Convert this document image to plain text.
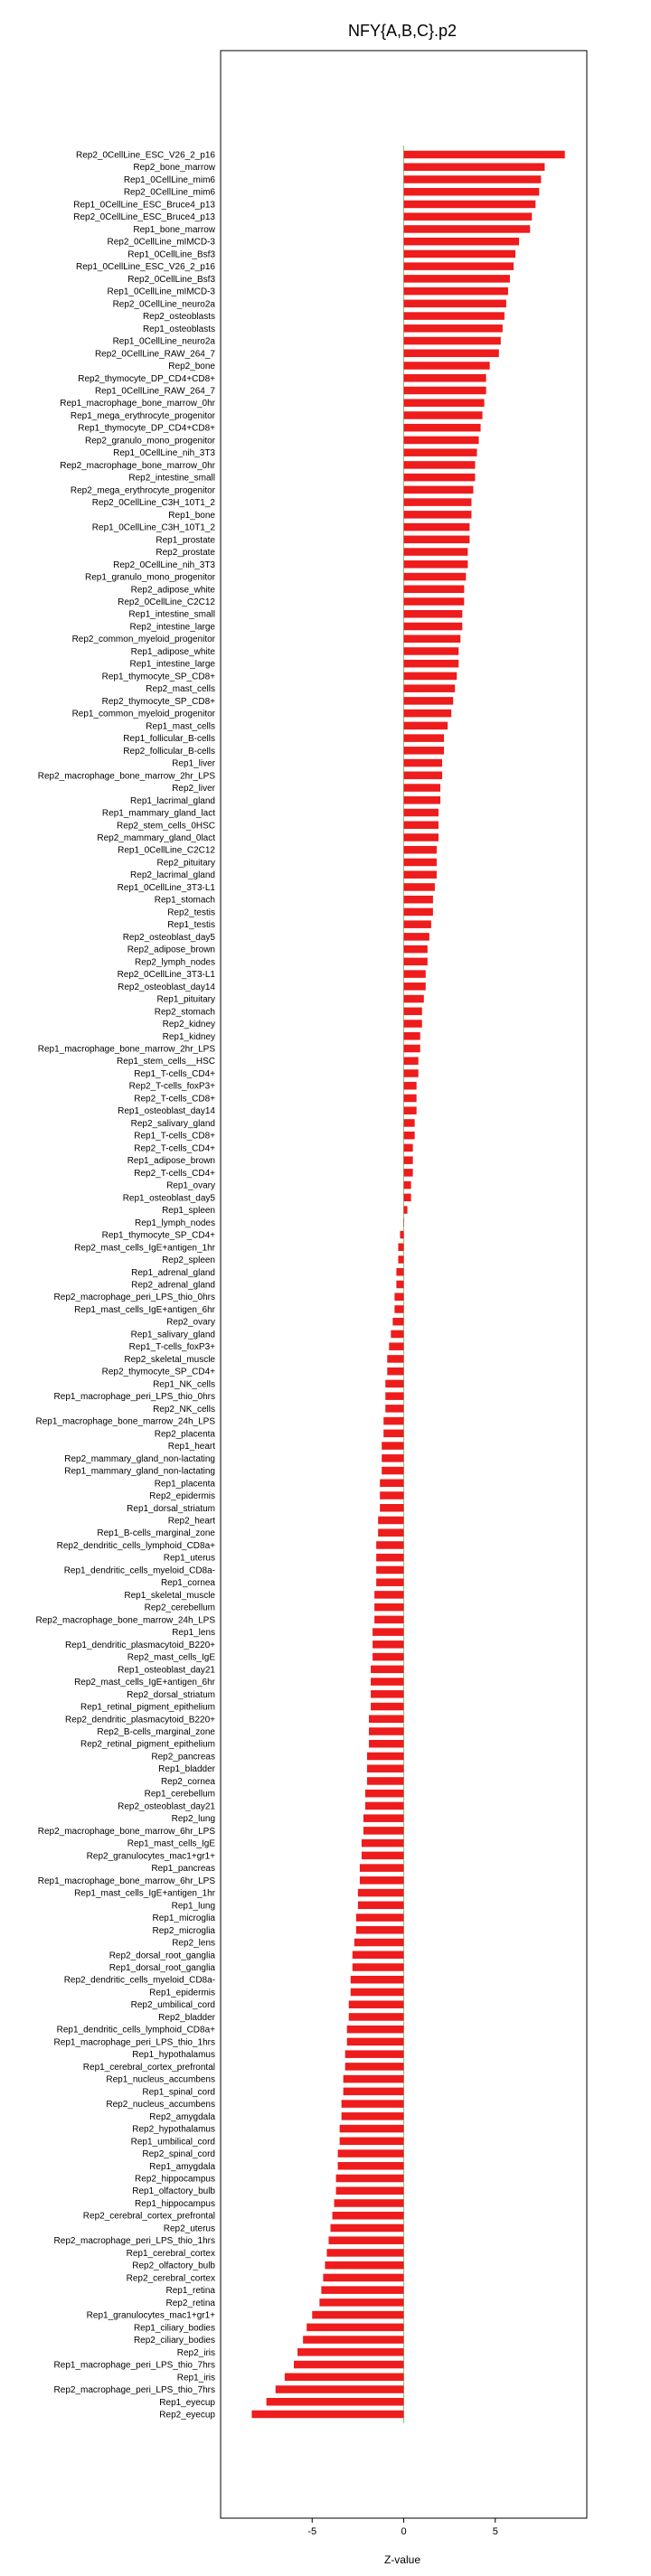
NFY{A,B,C}.p2
Rep2_0CellLine_ESC_V26_2_p16
Rep2_bone_marrow
Rep1_0CellLine_mim6
Rep2_0CellLine_mim6
Rep1_0CellLine_ESC_Bruce4_p13
Rep2_0CellLine_ESC_Bruce4_p13
Rep1_bone_marrow
Rep2_0CellLine_mIMCD-3
Rep1_0CellLine_Bsf3
Rep1_0CellLine_ESC_V26_2_p16
Rep2_0CellLine_Bsf3
Rep1_0CellLine_mIMCD-3
Rep2_0CellLine_neuro2a
Rep2_osteoblasts
Rep1_osteoblasts
Rep1_0CellLine_neuro2a
Rep2_0CellLine_RAW_264_7
Rep2_bone
Rep2_thymocyte_DP_CD4+CD8+
Rep1_0CellLine_RAW_264_7
Rep1_macrophage_bone_marrow_0hr
Rep1_mega_erythrocyte_progenitor
Rep1_thymocyte_DP_CD4+CD8+
Rep2_granulo_mono_progenitor
Rep1_0CellLine_nih_3T3
Rep2_macrophage_bone_marrow_0hr
Rep2_intestine_small
Rep2_mega_erythrocyte_progenitor
Rep2_0CellLine_C3H_10T1_2
Rep1_bone
Rep1_0CellLine_C3H_10T1_2
Rep1_prostate
Rep2_prostate
Rep2_0CellLine_nih_3T3
Rep1_granulo_mono_progenitor
Rep2_adipose_white
Rep2_0CellLine_C2C12
Rep1_intestine_small
Rep2_intestine_large
Rep2_common_myeloid_progenitor
Rep1_adipose_white
Rep1_intestine_large
Rep1_thymocyte_SP_CD8+
Rep2_mast_cells
Rep2_thymocyte_SP_CD8+
Rep1_common_myeloid_progenitor
Rep1_mast_cells
Rep1_follicular_B-cells
Rep2_follicular_B-cells
Rep1_liver
Rep2_macrophage_bone_marrow_2hr_LPS
Rep2_liver
Rep1_lacrimal_gland
Rep1_mammary_gland_lact
Rep2_stem_cells_0HSC
Rep2_mammary_gland_0lact
Rep1_0CellLine_C2C12
Rep2_pituitary
Rep2_lacrimal_gland
Rep1_0CellLine_3T3-L1
Rep1_stomach
Rep2_testis
Rep1_testis
Rep2_osteoblast_day5
Rep2_adipose_brown
Rep2_lymph_nodes
Rep2_0CellLine_3T3-L1
Rep2_osteoblast_day14
Rep1_pituitary
Rep2_stomach
Rep2_kidney
Rep1_kidney
Rep1_macrophage_bone_marrow_2hr_LPS
Rep1_stem_cells__HSC
Rep1_T-cells_CD4+
Rep2_T-cells_foxP3+
Rep2_T-cells_CD8+
Rep1_osteoblast_day14
Rep2_salivary_gland
Rep1_T-cells_CD8+
Rep2_T-cells_CD4+
Rep1_adipose_brown
Rep2_T-cells_CD4+
Rep1_ovary
Rep1_osteoblast_day5
Rep1_spleen
Rep1_lymph_nodes
Rep1_thymocyte_SP_CD4+
Rep2_mast_cells_IgE+antigen_1hr
Rep2_spleen
Rep1_adrenal_gland
Rep2_adrenal_gland
Rep2_macrophage_peri_LPS_thio_0hrs
Rep1_mast_cells_IgE+antigen_6hr
Rep2_ovary
Rep1_salivary_gland
Rep1_T-cells_foxP3+
Rep2_skeletal_muscle
Rep2_thymocyte_SP_CD4+
Rep1_NK_cells
Rep1_macrophage_peri_LPS_thio_0hrs
Rep2_NK_cells
Rep1_macrophage_bone_marrow_24h_LPS
Rep2_placenta
Rep1_heart
Rep2_mammary_gland_non-lactating
Rep1_mammary_gland_non-lactating
Rep1_placenta
Rep2_epidermis
Rep1_dorsal_striatum
Rep2_heart
Rep1_B-cells_marginal_zone
Rep2_dendritic_cells_lymphoid_CD8a+
Rep1_uterus
Rep1_dendritic_cells_myeloid_CD8a-
Rep1_cornea
Rep1_skeletal_muscle
Rep2_cerebellum
Rep2_macrophage_bone_marrow_24h_LPS
Rep1_lens
Rep1_dendritic_plasmacytoid_B220+
Rep2_mast_cells_IgE
Rep1_osteoblast_day21
Rep2_mast_cells_IgE+antigen_6hr
Rep2_dorsal_striatum
Rep1_retinal_pigment_epithelium
Rep2_dendritic_plasmacytoid_B220+
Rep2_B-cells_marginal_zone
Rep2_retinal_pigment_epithelium
Rep2_pancreas
Rep1_bladder
Rep2_cornea
Rep1_cerebellum
Rep2_osteoblast_day21
Rep2_lung
Rep2_macrophage_bone_marrow_6hr_LPS
Rep1_mast_cells_IgE
Rep2_granulocytes_mac1+gr1+
Rep1_pancreas
Rep1_macrophage_bone_marrow_6hr_LPS
Rep1_mast_cells_IgE+antigen_1hr
Rep1_lung
Rep1_microglia
Rep2_microglia
Rep2_lens
Rep2_dorsal_root_ganglia
Rep1_dorsal_root_ganglia
Rep2_dendritic_cells_myeloid_CD8a-
Rep1_epidermis
Rep2_umbilical_cord
Rep2_bladder
Rep1_dendritic_cells_lymphoid_CD8a+
Rep1_macrophage_peri_LPS_thio_1hrs
Rep1_hypothalamus
Rep1_cerebral_cortex_prefrontal
Rep1_nucleus_accumbens
Rep1_spinal_cord
Rep2_nucleus_accumbens
Rep2_amygdala
Rep2_hypothalamus
Rep1_umbilical_cord
Rep2_spinal_cord
Rep1_amygdala
Rep2_hippocampus
Rep1_olfactory_bulb
Rep1_hippocampus
Rep2_cerebral_cortex_prefrontal
Rep2_uterus
Rep2_macrophage_peri_LPS_thio_1hrs
Rep1_cerebral_cortex
Rep2_olfactory_bulb
Rep2_cerebral_cortex
Rep1_retina
Rep2_retina
Rep1_granulocytes_mac1+gr1+
Rep1_ciliary_bodies
Rep2_ciliary_bodies
Rep2_iris
Rep1_macrophage_peri_LPS_thio_7hrs
Rep1_iris
Rep2_macrophage_peri_LPS_thio_7hrs
Rep1_eyecup
Rep2_eyecup
-5	0	5
Z-value
